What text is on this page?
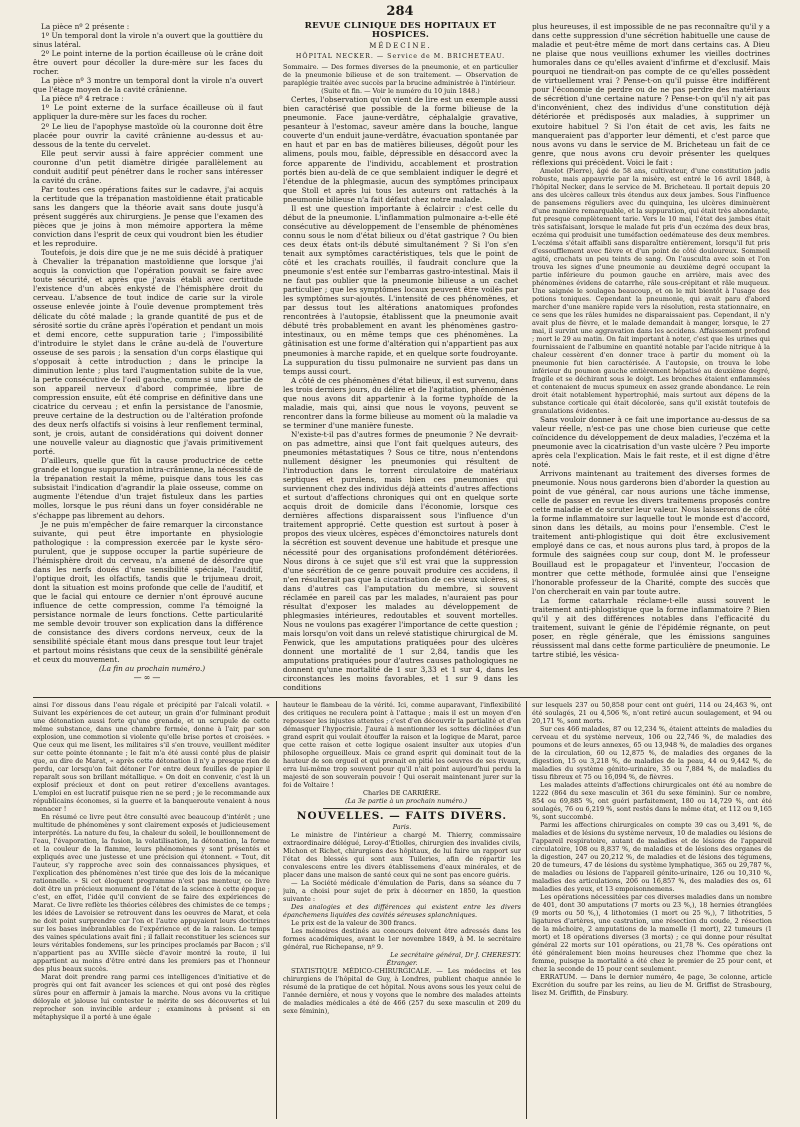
284

La pièce nº 2 présente :

1º Un temporal dont la virole n'a ouvert que la gouttière du sinus latéral.

2º Le point interne de la portion écailleuse où le crâne doit être ouvert pour décoller la dure-mère sur les faces du rocher.

La pièce nº 3 montre un temporal dont la virole n'a ouvert que l'étage moyen de la cavité crânienne.

La pièce nº 4 retrace :

1º Le point externe de la surface écailleuse où il faut appliquer la dure-mère sur les faces du rocher.

2º Le lieu de l'apophyse mastoïde où la couronne doit être placée pour ouvrir la cavité crânienne au-dessus et au-dessous de la tente du cervelet.

Elle peut servir aussi à faire apprécier comment une couronne d'un petit diamètre dirigée parallèlement au conduit auditif peut pénétrer dans le rocher sans intéresser la cavité du crâne.

Par toutes ces opérations faites sur le cadavre, j'ai acquis la certitude que la trépanation mastoïdienne était praticable sans les dangers que la théorie avait sans doute jusqu'à présent suggérés aux chirurgiens. Je pense que l'examen des pièces que je joins à mon mémoire apportera la même conviction dans l'esprit de ceux qui voudront bien les étudier et les reproduire.

Toutefois, je dois dire que je ne me suis décidé à pratiquer à Chevalier la trépanation mastoïdienne que lorsque j'ai acquis la conviction que l'opération pouvait se faire avec toute sécurité, et après que j'avais établi avec certitude l'existence d'un abcès enkysté de l'hémisphère droit du cerveau. L'absence de tout indice de carie sur la virole osseuse enlevée jointe à l'ouïe devenue promptement très délicate du côté malade ; la grande quantité de pus et de sérosité sortie du crâne après l'opération et pendant un mois et demi encore, cette suppuration tarie ; l'impossibilité d'introduire le stylet dans le crâne au-delà de l'ouverture osseuse de ses parois ; la sensation d'un corps élastique qui s'opposait à cette introduction ; dans le principe la diminution lente ; plus tard l'augmentation subite de la vue, la perte consécutive de l'oeil gauche, comme si une partie de son appareil nerveux d'abord comprimée, libre de compression ensuite, eût été comprise en définitive dans une cicatrice du cerveau ; et enfin la persistance de l'anosmie, preuve certaine de la destruction ou de l'altération profonde des deux nerfs olfactifs si voisins à leur renflement terminal, sont, je crois, autant de considérations qui doivent donner une nouvelle valeur au diagnostic que j'avais primitivement porté.

D'ailleurs, quelle que fût la cause productrice de cette grande et longue suppuration intra-crânienne, la nécessité de la trépanation restait la même, puisque dans tous les cas subsistait l'indication d'agrandir la plaie osseuse, comme on augmente l'étendue d'un trajet fistuleux dans les parties molles, lorsque le pus réuni dans un foyer considérable ne s'échappe pas librement au dehors.

Je ne puis m'empêcher de faire remarquer la circonstance suivante, qui peut être importante en physiologie pathologique : la compression exercée par le kyste séro-purulent, que je suppose occuper la partie supérieure de l'hémisphère droit du cerveau, n'a amené de désordre que dans les nerfs doués d'une sensibilité spéciale, l'auditif, l'optique droit, les olfactifs, tandis que le trijumeau droit, dont la situation est moins profonde que celle de l'auditif, et que le facial qui entoure ce dernier n'ont éprouvé aucune influence de cette compression, comme l'a témoigné la persistance normale de leurs fonctions. Cette particularité me semble devoir trouver son explication dans la différence de consistance des divers cordons nerveux, ceux de la sensibilité spéciale étant mous dans presque tout leur trajet et partout moins résistans que ceux de la sensibilité générale et ceux du mouvement.

(La fin au prochain numéro.)

—∞—
REVUE CLINIQUE DES HÔPITAUX ET HOSPICES.
MÉDECINE.
HÔPITAL NECKER. — Service de M. BRICHETEAU.

Sommaire. — Des formes diverses de la pneumonie, et en particulier de la pneumonie bilieuse et de son traitement. — Observation de paraplégie traitée avec succès par la brucine administrée à l'intérieur.

(Suite et fin. — Voir le numéro du 10 juin 1848.)

Certes, l'observation qu'on vient de lire est un exemple aussi bien caractérisé que possible de la forme bilieuse de la pneumonie. Face jaune-verdâtre, céphalalgie gravative, pesanteur à l'estomac, saveur amère dans la bouche, langue couverte d'un enduit jaune-verdâtre, évacuation spontanée par en haut et par en bas de matières bilieuses, dégoût pour les alimens, pouls mou, faible, dépressible en désaccord avec la force apparente de l'individu, accablement et prostration portés bien au-delà de ce que semblaient indiquer le degré et l'étendue de la phlegmasie, aucun des symptômes principaux que Stoll et après lui tous les auteurs ont rattachés à la pneumonie bilieuse n'a fait défaut chez notre malade.

Il est une question importante à éclaircir : c'est celle du début de la pneumonie. L'inflammation pulmonaire a-t-elle été consécutive au développement de l'ensemble de phénomènes connu sous le nom d'état bilieux ou d'état gastrique ? Ou bien ces deux états ont-ils débuté simultanément ? Si l'on s'en tenait aux symptômes caractéristiques, tels que le point de côté et les crachats rouillés, il faudrait conclure que la pneumonie s'est entée sur l'embarras gastro-intestinal. Mais il ne faut pas oublier que la pneumonie bilieuse a un cachet particulier ; que les symptômes locaux peuvent être voilés par les symptômes sur-ajoutés. L'intensité de ces phénomènes, et par dessus tout les altérations anatomiques profondes rencontrées à l'autopsie, établissent que la pneumonie avait débuté très probablement en avant les phénomènes gastro-intestinaux, ou en même temps que ces phénomènes. La gâtinisation est une forme d'altération qui n'appartient pas aux pneumonies à marche rapide, et en quelque sorte foudroyante. La suppuration du tissu pulmonaire ne survient pas dans un temps aussi court.

A côté de ces phénomènes d'état bilieux, il est survenu, dans les trois derniers jours, du délire et de l'agitation, phénomènes que nous avons dit appartenir à la forme typhoïde de la maladie, mais qui, ainsi que nous le voyons, peuvent se rencontrer dans la forme bilieuse au moment où la maladie va se terminer d'une manière funeste.

N'existe-t-il pas d'autres formes de pneumonie ? Ne devrait-on pas admettre, ainsi que l'ont fait quelques auteurs, des pneumonies métastatiques ? Sous ce titre, nous n'entendons nullement désigner les pneumonies qui résultent de l'introduction dans le torrent circulatoire de matériaux septiques et purulens, mais bien ces pneumonies qui surviennent chez des individus déjà atteints d'autres affections et surtout d'affections chroniques qui ont en quelque sorte acquis droit de domicile dans l'économie, lorsque ces dernières affections disparaissent sous l'influence d'un traitement approprié. Cette question est surtout à poser à propos des vieux ulcères, espèces d'émonctoires naturels dont la sécrétion est souvent devenue une habitude et presque une nécessité pour des organisations profondément détériorées. Nous dirons à ce sujet que s'il est vrai que la suppression d'une sécrétion de ce genre pouvait produire ces accidens, il n'en résulterait pas que la cicatrisation de ces vieux ulcères, si dans d'autres cas l'amputation du membre, si souvent réclamée en pareil cas par les malades, n'auraient pas pour résultat d'exposer les malades au développement de phlegmasies intérieures, redoutables et souvent mortelles. Nous ne voulons pas exagérer l'importance de cette question ; mais lorsqu'on voit dans un relevé statistique chirurgical de M. Fenwick, que les amputations pratiquées pour des ulcères donnent une mortalité de 1 sur 2,84, tandis que les amputations pratiquées pour d'autres causes pathologiques ne donnent qu'une mortalité de 1 sur 3,33 et 1 sur 4, dans les circonstances les moins favorables, et 1 sur 9 dans les conditions

plus heureuses, il est impossible de ne pas reconnaître qu'il y a dans cette suppression d'une sécrétion habituelle une cause de maladie et peut-être même de mort dans certains cas. A Dieu ne plaise que nous veuillions exhumer les vieilles doctrines humorales dans ce qu'elles avaient d'infirme et d'exclusif. Mais pourquoi ne tiendrait-on pas compte de ce qu'elles possèdent de virtuellement vrai ? Pense-t-on qu'il puisse être indifférent pour l'économie de perdre ou de ne pas perdre des matériaux de sécrétion d'une certaine nature ? Pense-t-on qu'il n'y ait pas d'inconvénient, chez des individus d'une constitution déjà détériorée et prédisposés aux maladies, à supprimer un exutoire habituel ? Si l'on était de cet avis, les faits ne manqueraient pas d'apporter leur démenti, et c'est parce que nous avons vu dans le service de M. Bricheteau un fait de ce genre, que nous avons cru devoir présenter les quelques réflexions qui précèdent. Voici le fait :

Amelot (Pierre), âgé de 58 ans, cultivateur, d'une constitution jadis robuste, mais appauvrie par la misère, est entré le 16 avril 1848, à l'hôpital Necker, dans le service de M. Bricheteau. Il portait depuis 20 ans des ulcères calleux très étendus aux deux jambes. Sous l'influence de pansemens réguliers avec du quinquina, les ulcères diminuèrent d'une manière remarquable, et la suppuration, qui était très abondante, fut presque complètement tarie. Vers le 10 mai, l'état des jambes était très satisfaisant, lorsque le malade fut pris d'un eczéma des deux bras, eczéma qui produisit une tuméfaction oedémateuse des deux membres. L'eczéma s'était affaibli sans disparaître entièrement, lorsqu'il fut pris d'essoufflement avec fièvre et d'un point de côté douloureux. Sommeil agité, crachats un peu teints de sang. On l'ausculta avec soin et l'on trouva les signes d'une pneumonie au deuxième degré occupant la partie inférieure du poumon gauche en arrière, mais avec des phénomènes évidens de catarrhe, râle sous-crépitant et râle muqueux. Une saignée le soulagea beaucoup, et on le mit bientôt à l'usage des potions toniques. Cependant la pneumonie, qui avait paru d'abord marcher d'une manière rapide vers la résolution, resta stationnaire, en ce sens que les râles humides ne disparaissaient pas. Cependant, il n'y avait plus de fièvre, et le malade demandait à manger, lorsque, le 27 mai, il survint une aggravation dans les accidens. Affaissement profond ; mort le 29 au matin. On fait important à noter, c'est que les urines qui fournissaient de l'albumine en quantité notable par l'acide nitrique à la chaleur cessèrent d'en donner trace à partir du moment où la pneumonie fut bien caractérisée. A l'autopsie, on trouva le lobe inférieur du poumon gauche entièrement hépatisé au deuxième degré, fragile et se déchirant sous le doigt. Les bronches étaient enflammées et contenaient de mucus spumeux en assez grande abondance. Le rein droit était notablement hypertrophié, mais surtout aux dépens de la substance corticale qui était décolorée, sans qu'il existât toutefois de granulations évidentes.

Sans vouloir donner à ce fait une importance au-dessus de sa valeur réelle, n'est-ce pas une chose bien curieuse que cette coïncidence du développement de deux maladies, l'eczéma et la pneumonie avec la cicatrisation d'un vaste ulcère ? Peu importe après cela l'explication. Mais le fait reste, et il est digne d'être noté.

Arrivons maintenant au traitement des diverses formes de pneumonie. Nous nous garderons bien d'aborder la question au point de vue général, car nous aurions une tâche immense, celle de passer en revue les divers traitemens proposés contre cette maladie et de scruter leur valeur. Nous laisserons de côté la forme inflammatoire sur laquelle tout le monde est d'accord, sinon dans les détails, au moins pour l'ensemble. C'est le traitement anti-phlogistique qui doit être exclusivement employé dans ce cas, et nous aurons plus tard, à propos de la formule des saignées coup sur coup, dont M. le professeur Bouillaud est le propagateur et l'inventeur, l'occasion de montrer que cette méthode, formulée ainsi que l'enseigne l'honorable professeur de la Charité, compte des succès que l'on chercherait en vain par toute autre.

La forme catarrhale réclame-t-elle aussi souvent le traitement anti-phlogistique que la forme inflammatoire ? Bien qu'il y ait des différences notables dans l'efficacité du traitement, suivant le génie de l'épidémie régnante, on peut poser, en règle générale, que les émissions sanguines réussissent mal dans cette forme particulière de pneumonie. Le tartre stibié, les vésica-

ainsi l'or dissous dans l'eau régale et précipité par l'alcali volatil. « Suivant les expériences de cet auteur, un grain d'or fulminant produit une détonation aussi forte qu'une grenade, et un scrupule de cette même substance, dans une chambre fermée, donne à l'air, par son explosion, une commotion si violente qu'elle brise portes et croisées. » Que ceux qui me lisent, les militaires s'il s'en trouve, veuillent méditer sur cette pointe étonnante ; le fait m'a été aussi conté plus de plaisir que, au dire de Marat, « après cette détonation il n'y a presque rien de perdu, car lorsqu'on fait détoner l'or entre deux feuilles de papier il reparaît sous son brillant métallique. » On doit en convenir, c'est là un explosif précieux et dont on peut retirer d'excellens avantages. L'emploi en est lucratif puisque rien ne se perd ; je le recommande aux républicains économes, si la guerre et la banqueroute venaient à nous menacer !

En résumé ce livre peut être consulté avec beaucoup d'intérêt ; une multitude de phénomènes y sont clairement exposés et judicieusement interprétés. La nature du feu, la chaleur du soleil, le bouillonnement de l'eau, l'évaporation, la fusion, la volatilisation, la détonation, la forme et la couleur de la flamme, leurs phénomènes y sont présentés et expliqués avec une justesse et une précision qui étonnent. « Tout, dit l'auteur, s'y rapproche avec soin des connaissances physiques, et l'explication des phénomènes n'est tirée que des lois de la mécanique rationnelle. » Si cet éloquent programme n'est pas menteur, ce livre doit être un précieux monument de l'état de la science à cette époque ; c'est, en effet, l'idée qu'il convient de se faire des expériences de Marat. Ce livre reflète les théories célèbres des chimistes de ce temps ; les idées de Lavoisier se retrouvent dans les oeuvres de Marat, et cela ne doit point surprendre car l'on et l'autre appuyaient leurs doctrines sur les bases inébranlables de l'expérience et de la raison. Le temps des vaines spéculations avait fini ; il fallait reconstituer les sciences sur leurs véritables fondemens, sur les principes proclamés par Bacon ; s'il n'appartient pas au XVIIIe siècle d'avoir montré la route, il lui appartient au moins d'être entré dans les premiers pas et l'honneur des plus beaux succès.

Marat doit prendre rang parmi ces intelligences d'initiative et de progrès qui ont fait avancer les sciences et qui ont posé des règles sûres pour en affermir à jamais la marche. Nous avons vu la critique déloyale et jalouse lui contester le mérite de ses découvertes et lui reprocher son invincible ardeur ; examinons à présent si en métaphysique il a porté à une égale

hauteur le flambeau de la vérité. Ici, comme auparavant, l'inflexibilité des critiques ne reculera point à l'attaque ; mais il est un moyen d'en repousser les injustes attentes ; c'est d'en découvrir la partialité et d'en démasquer l'hypocrisie. J'aurai à mentionner les sottes déclinées d'un grand esprit qui voulait étouffer la raison et la logique de Marat, parce que cette raison et cette logique osaient insulter aux utopies d'un philosophe orgueilleux. Mais ce grand esprit qui dominait tout de la hauteur de son orgueil et qui prenait en pitié les oeuvres de ses rivaux, erra lui-même trop souvent pour qu'il n'ait point aujourd'hui perdu la majesté de son souverain pouvoir ! Qui oserait maintenant jurer sur la foi de Voltaire !

Charles DE CARRIÈRE.

(La 3e partie à un prochain numéro.)

NOUVELLES. — FAITS DIVERS.

Paris.

Le ministre de l'intérieur a chargé M. Thierry, commissaire extraordinaire délégué, Leroy-d'Étiolles, chirurgien des invalides civils, Michon et Richet, chirurgiens des hôpitaux, de lui faire un rapport sur l'état des blessés qui sont aux Tuileries, afin de répartir les convalescens entre les divers établissemens d'eaux minérales, et de placer dans une maison de santé ceux qui ne sont pas encore guéris.

— La Société médicale d'émulation de Paris, dans sa séance du 7 juin, a choisi pour sujet de prix à décerner en 1850, la question suivante :

Des analogies et des différences qui existent entre les divers épanchemens liquides des cavités séreuses splanchniques.

Le prix est de la valeur de 300 francs.

Les mémoires destinés au concours doivent être adressés dans les formes académiques, avant le 1er novembre 1849, à M. le secrétaire général, rue Richepanse, nº 9.

Le secrétaire général, Dr J. CHERESTY.

Étranger.

STATISTIQUE MÉDICO-CHIRURGICALE. — Les médecins et les chirurgiens de l'hôpital de Guy, à Londres, publient chaque année le résumé de la pratique de cet hôpital. Nous avons sous les yeux celui de l'année dernière, et nous y voyons que le nombre des malades atteints de maladies médicales a été de 466 (257 du sexe masculin et 209 du sexe féminin),

sur lesquels 237 ou 50,858 pour cent ont guéri, 114 ou 24,463 %, ont été soulagés, 21 ou 4,506 %, n'ont retiré aucun soulagement, et 94 ou 20,171 %, sont morts.

Sur ces 466 malades, 87 ou 12,234 %, étaient atteints de maladies du cerveau et du système nerveux, 106 ou 22,746 %, de maladies des poumons et de leurs annexes, 65 ou 13,948 %, de maladies des organes de la circulation, 60 ou 12,875 %, de maladies des organes de la digestion, 15 ou 3,218 %, de maladies de la peau, 44 ou 9,442 %, de maladies du système génito-urinaire, 35 ou 7,884 %, de maladies du tissu fibreux et 75 ou 16,094 %, de fièvres.

Les malades atteints d'affections chirurgicales ont été au nombre de 1222 (864 du sexe masculin et 361 du sexe féminin). Sur ce nombre, 854 ou 69,885 %, ont guéri parfaitement, 180 ou 14,729 %, ont été soulagés, 76 ou 6,219 %, sont restés dans le même état, et 112 ou 9,165 %, sont succombé.

Parmi les affections chirurgicales on compte 39 cas ou 3,491 %, de maladies et de lésions du système nerveux, 10 de maladies ou lésions de l'appareil respiratoire, autant de maladies et de lésions de l'appareil circulatoire, 108 ou 8,837 %, de maladies et de lésions des organes de la digestion, 247 ou 20,212 %, de maladies et de lésions des tégumens, 20 de tumeurs, 47 de lésions du système lymphatique, 365 ou 29,787 %, de maladies ou lésions de l'appareil génito-urinaire, 126 ou 10,310 %, maladies des articulations, 206 ou 16,857 %, des maladies des os, 61 maladies des yeux, et 13 empoisonnemens.

Les opérations nécessitées par ces diverses maladies dans un nombre de 401, dont 30 amputations (7 morts ou 23 %,), 18 hernies étranglées (9 morts ou 50 %,), 4 lithotomies (1 mort ou 25 %,), 7 lithotrities, 5 ligatures d'artères, une castration, une résection du coude, 2 résection de la mâchoire, 2 amputations de la mamelle (1 mort), 22 tumeurs (1 mort) et 18 opérations diverses (3 morts) ; ce qui donne pour résultat général 22 morts sur 101 opérations, ou 21,78 %. Ces opérations ont été généralement bien moins heureuses chez l'homme que chez la femme, puisque la mortalité a été chez le premier de 25 pour cent, et chez la seconde de 15 pour cent seulement.

ERRATUM. — Dans le dernier numéro, 4e page, 3e colonne, article Excrétion du soufre par les reins, au lieu de M. Griffist de Strasbourg, lisez M. Griffith, de Finsbury.
